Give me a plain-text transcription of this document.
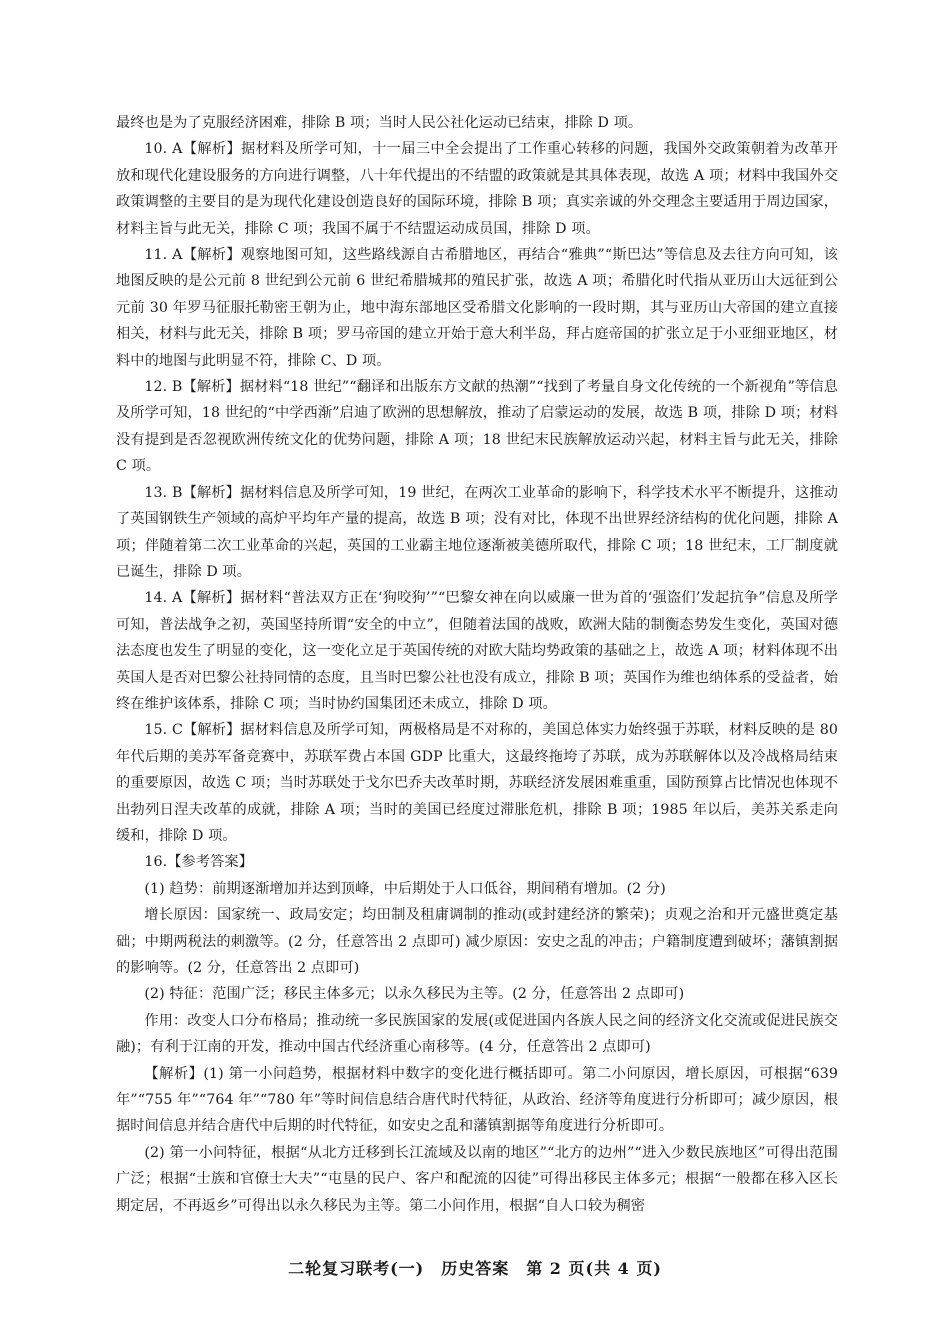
最终也是为了克服经济困难，排除 B 项；当时人民公社化运动已结束，排除 D 项。

10. A【解析】据材料及所学可知，十一届三中全会提出了工作重心转移的问题，我国外交政策朝着为改革开放和现代化建设服务的方向进行调整，八十年代提出的不结盟的政策就是其具体表现，故选 A 项；材料中我国外交政策调整的主要目的是为现代化建设创造良好的国际环境，排除 B 项；真实亲诚的外交理念主要适用于周边国家，材料主旨与此无关，排除 C 项；我国不属于不结盟运动成员国，排除 D 项。

11. A【解析】观察地图可知，这些路线源自古希腊地区，再结合“雅典”“斯巴达”等信息及去往方向可知，该地图反映的是公元前 8 世纪到公元前 6 世纪希腊城邦的殖民扩张，故选 A 项；希腊化时代指从亚历山大远征到公元前 30 年罗马征服托勒密王朝为止，地中海东部地区受希腊文化影响的一段时期，其与亚历山大帝国的建立直接相关，材料与此无关，排除 B 项；罗马帝国的建立开始于意大利半岛，拜占庭帝国的扩张立足于小亚细亚地区，材料中的地图与此明显不符，排除 C、D 项。

12. B【解析】据材料“18 世纪”“翻译和出版东方文献的热潮”“找到了考量自身文化传统的一个新视角”等信息及所学可知，18 世纪的“中学西渐”启迪了欧洲的思想解放，推动了启蒙运动的发展，故选 B 项，排除 D 项；材料没有提到是否忽视欧洲传统文化的优势问题，排除 A 项；18 世纪末民族解放运动兴起，材料主旨与此无关，排除 C 项。

13. B【解析】据材料信息及所学可知，19 世纪，在两次工业革命的影响下，科学技术水平不断提升，这推动了英国钢铁生产领域的高炉平均年产量的提高，故选 B 项；没有对比，体现不出世界经济结构的优化问题，排除 A 项；伴随着第二次工业革命的兴起，英国的工业霸主地位逐渐被美德所取代，排除 C 项；18 世纪末，工厂制度就已诞生，排除 D 项。

14. A【解析】据材料“普法双方正在‘狗咬狗’”“巴黎女神在向以威廉一世为首的‘强盗们’发起抗争”信息及所学可知，普法战争之初，英国坚持所谓“安全的中立”，但随着法国的战败，欧洲大陆的制衡态势发生变化，英国对德法态度也发生了明显的变化，这一变化立足于英国传统的对欧大陆均势政策的基础之上，故选 A 项；材料体现不出英国人是否对巴黎公社持同情的态度，且当时巴黎公社也没有成立，排除 B 项；英国作为维也纳体系的受益者，始终在维护该体系，排除 C 项；当时协约国集团还未成立，排除 D 项。

15. C【解析】据材料信息及所学可知，两极格局是不对称的，美国总体实力始终强于苏联，材料反映的是 80 年代后期的美苏军备竞赛中，苏联军费占本国 GDP 比重大，这最终拖垮了苏联，成为苏联解体以及冷战格局结束的重要原因，故选 C 项；当时苏联处于戈尔巴乔夫改革时期，苏联经济发展困难重重，国防预算占比情况也体现不出勃列日涅夫改革的成就，排除 A 项；当时的美国已经度过滞胀危机，排除 B 项；1985 年以后，美苏关系走向缓和，排除 D 项。

16.【参考答案】

(1) 趋势：前期逐渐增加并达到顶峰，中后期处于人口低谷，期间稍有增加。(2 分)

增长原因：国家统一、政局安定；均田制及租庸调制的推动(或封建经济的繁荣)；贞观之治和开元盛世奠定基础；中期两税法的刺激等。(2 分，任意答出 2 点即可) 减少原因：安史之乱的冲击；户籍制度遭到破坏；藩镇割据的影响等。(2 分，任意答出 2 点即可)

(2) 特征：范围广泛；移民主体多元；以永久移民为主等。(2 分，任意答出 2 点即可)

作用：改变人口分布格局；推动统一多民族国家的发展(或促进国内各族人民之间的经济文化交流或促进民族交融)；有利于江南的开发，推动中国古代经济重心南移等。(4 分，任意答出 2 点即可)

【解析】(1) 第一小问趋势，根据材料中数字的变化进行概括即可。第二小问原因，增长原因，可根据“639 年”“755 年”“764 年”“780 年”等时间信息结合唐代时代特征，从政治、经济等角度进行分析即可；减少原因，根据时间信息并结合唐代中后期的时代特征，如安史之乱和藩镇割据等角度进行分析即可。

(2) 第一小问特征，根据“从北方迁移到长江流域及以南的地区”“北方的边州”“进入少数民族地区”可得出范围广泛；根据“士族和官僚士大夫”“屯垦的民户、客户和配流的囚徒”可得出移民主体多元；根据“一般都在移入区长期定居，不再返乡”可得出以永久移民为主等。第二小问作用，根据“自人口较为稠密

二轮复习联考(一)　历史答案　第 2 页(共 4 页)
